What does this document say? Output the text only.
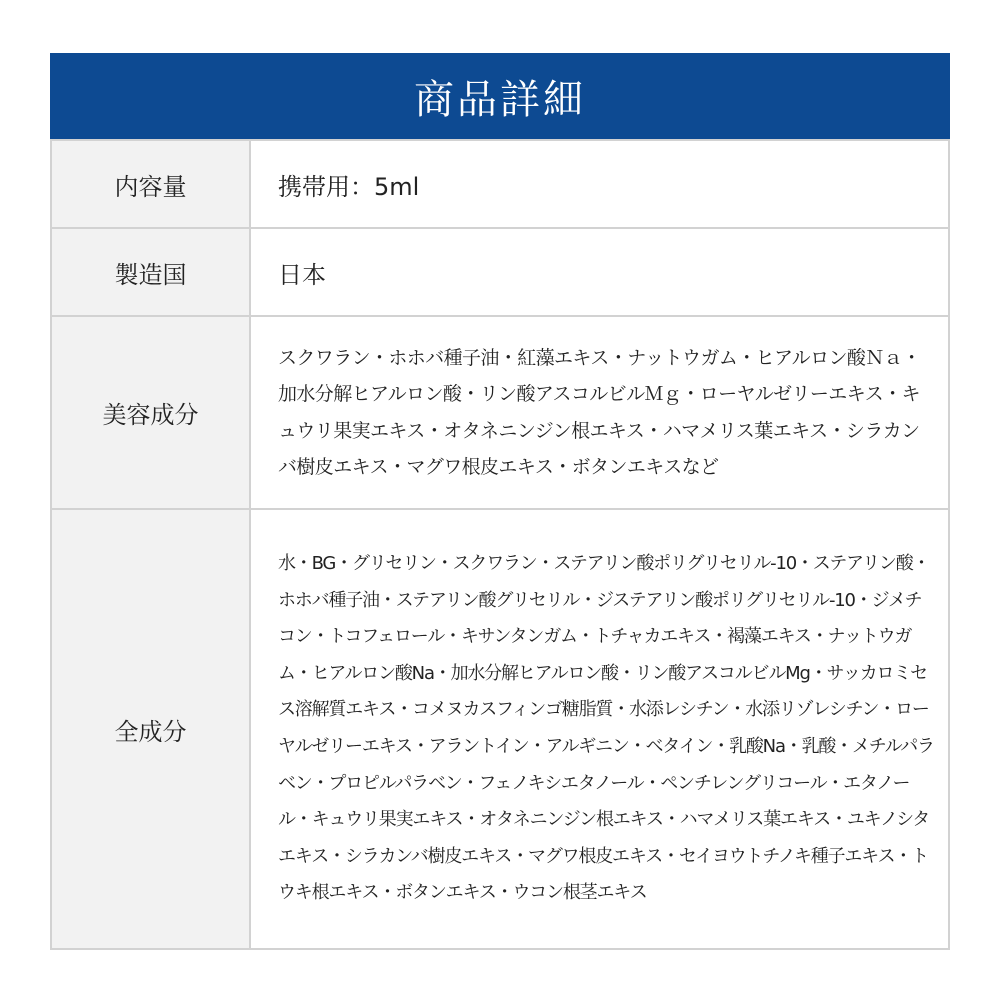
商品詳細
内容量	携帯用：5ml
製造国	日本
美容成分	スクワラン・ホホバ種子油・紅藻エキス・ナットウガム・ヒアルロン酸Ｎａ・加水分解ヒアルロン酸・リン酸アスコルビルＭｇ・ローヤルゼリーエキス・キュウリ果実エキス・オタネニンジン根エキス・ハマメリス葉エキス・シラカンバ樹皮エキス・マグワ根皮エキス・ボタンエキスなど
全成分	水・BG・グリセリン・スクワラン・ステアリン酸ポリグリセリル-10・ステアリン酸・ホホバ種子油・ステアリン酸グリセリル・ジステアリン酸ポリグリセリル-10・ジメチコン・トコフェロール・キサンタンガム・トチャカエキス・褐藻エキス・ナットウガム・ヒアルロン酸Na・加水分解ヒアルロン酸・リン酸アスコルビルMg・サッカロミセス溶解質エキス・コメヌカスフィンゴ糖脂質・水添レシチン・水添リゾレシチン・ローヤルゼリーエキス・アラントイン・アルギニン・ベタイン・乳酸Na・乳酸・メチルパラベン・プロピルパラベン・フェノキシエタノール・ペンチレングリコール・エタノール・キュウリ果実エキス・オタネニンジン根エキス・ハマメリス葉エキス・ユキノシタエキス・シラカンバ樹皮エキス・マグワ根皮エキス・セイヨウトチノキ種子エキス・トウキ根エキス・ボタンエキス・ウコン根茎エキス
